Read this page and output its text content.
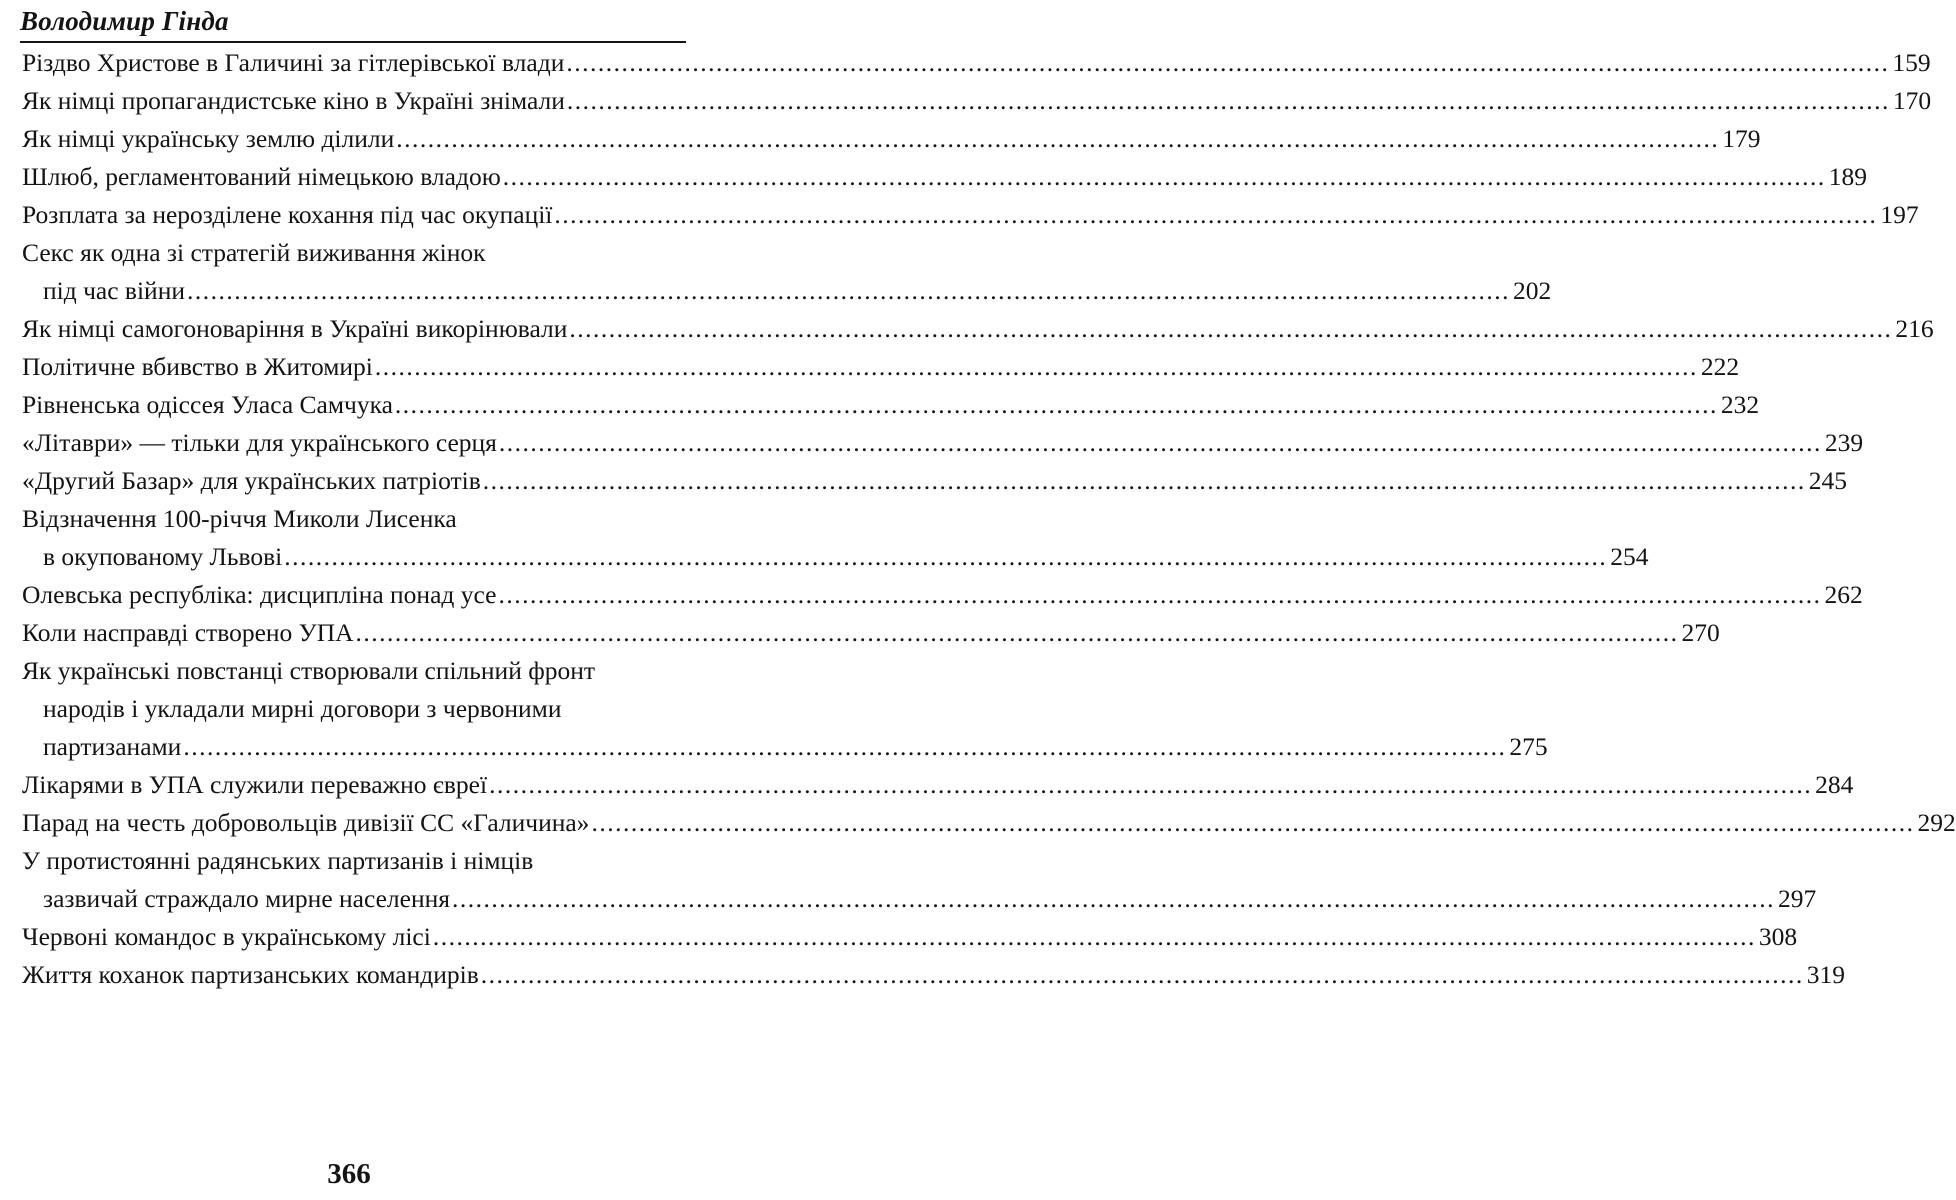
Володимир Гінда
Різдво Христове в Галичині за гітлерівської влади .....	159
Як німці пропагандистське кіно в Україні знімали .....	170
Як німці українську землю ділили .....	179
Шлюб, регламентований німецькою владою .....	189
Розплата за нерозділене кохання під час окупації .....	197
Секс як одна зі стратегій виживання жінок
під час війни .....	202
Як німці самогоноваріння в Україні викорінювали .....	216
Політичне вбивство в Житомирі .....	222
Рівненська одіссея Уласа Самчука .....	232
«Літаври» — тільки для українського серця .....	239
«Другий Базар» для українських патріотів .....	245
Відзначення 100-річчя Миколи Лисенка
в окупованому Львові .....	254
Олевська республіка: дисципліна понад усе .....	262
Коли насправді створено УПА .....	270
Як українські повстанці створювали спільний фронт
народів і укладали мирні договори з червоними
партизанами .....	275
Лікарями в УПА служили переважно євреї .....	284
Парад на честь добровольців дивізії СС «Галичина» .....	292
У протистоянні радянських партизанів і німців
зазвичай страждало мирне населення .....	297
Червоні командос в українському лісі .....	308
Життя коханок партизанських командирів .....	319
366
